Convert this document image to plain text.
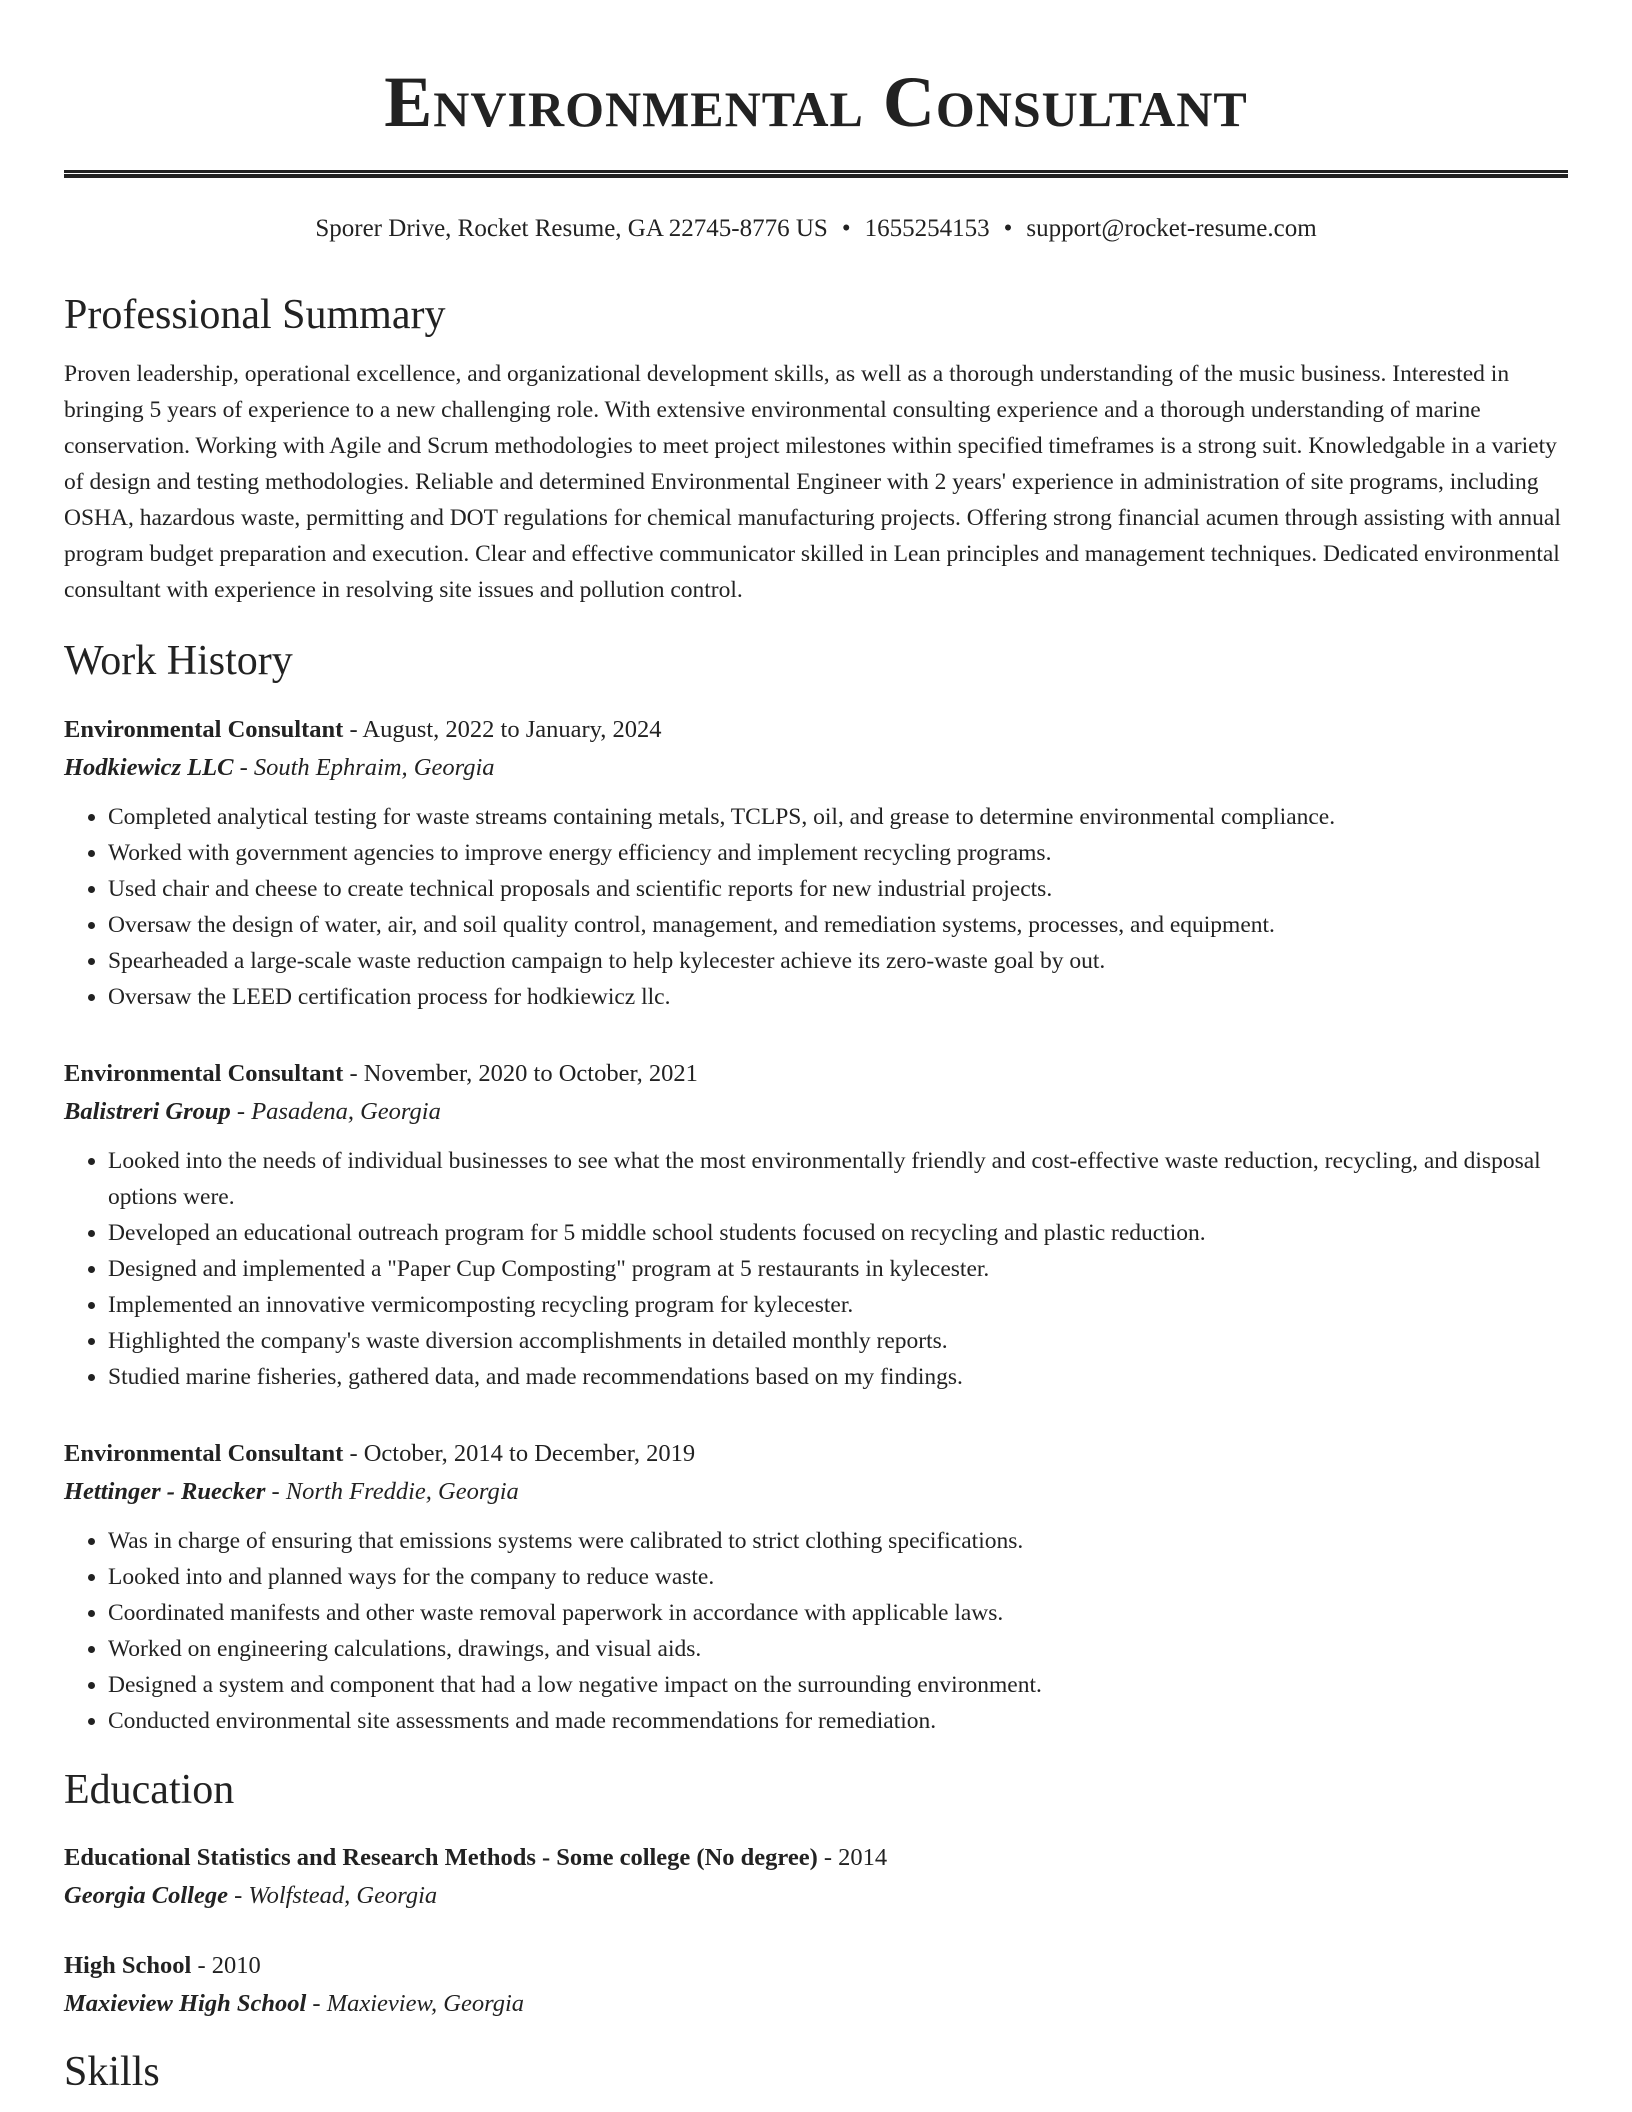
Environmental Consultant
Sporer Drive, Rocket Resume, GA 22745-8776 US • 1655254153 • support@rocket-resume.com
Professional Summary

Proven leadership, operational excellence, and organizational development skills, as well as a thorough understanding of the music business. Interested in bringing 5 years of experience to a new challenging role. With extensive environmental consulting experience and a thorough understanding of marine conservation. Working with Agile and Scrum methodologies to meet project milestones within specified timeframes is a strong suit. Knowledgable in a variety of design and testing methodologies. Reliable and determined Environmental Engineer with 2 years' experience in administration of site programs, including OSHA, hazardous waste, permitting and DOT regulations for chemical manufacturing projects. Offering strong financial acumen through assisting with annual program budget preparation and execution. Clear and effective communicator skilled in Lean principles and management techniques. Dedicated environmental consultant with experience in resolving site issues and pollution control.

Work History
Environmental Consultant - August, 2022 to January, 2024
Hodkiewicz LLC - South Ephraim, Georgia
• Completed analytical testing for waste streams containing metals, TCLPS, oil, and grease to determine environmental compliance.
• Worked with government agencies to improve energy efficiency and implement recycling programs.
• Used chair and cheese to create technical proposals and scientific reports for new industrial projects.
• Oversaw the design of water, air, and soil quality control, management, and remediation systems, processes, and equipment.
• Spearheaded a large-scale waste reduction campaign to help kylecester achieve its zero-waste goal by out.
• Oversaw the LEED certification process for hodkiewicz llc.
Environmental Consultant - November, 2020 to October, 2021
Balistreri Group - Pasadena, Georgia
• Looked into the needs of individual businesses to see what the most environmentally friendly and cost-effective waste reduction, recycling, and disposal options were.
• Developed an educational outreach program for 5 middle school students focused on recycling and plastic reduction.
• Designed and implemented a "Paper Cup Composting" program at 5 restaurants in kylecester.
• Implemented an innovative vermicomposting recycling program for kylecester.
• Highlighted the company's waste diversion accomplishments in detailed monthly reports.
• Studied marine fisheries, gathered data, and made recommendations based on my findings.
Environmental Consultant - October, 2014 to December, 2019
Hettinger - Ruecker - North Freddie, Georgia
• Was in charge of ensuring that emissions systems were calibrated to strict clothing specifications.
• Looked into and planned ways for the company to reduce waste.
• Coordinated manifests and other waste removal paperwork in accordance with applicable laws.
• Worked on engineering calculations, drawings, and visual aids.
• Designed a system and component that had a low negative impact on the surrounding environment.
• Conducted environmental site assessments and made recommendations for remediation.
Education
Educational Statistics and Research Methods - Some college (No degree) - 2014
Georgia College - Wolfstead, Georgia
High School - 2010
Maxieview High School - Maxieview, Georgia
Skills
